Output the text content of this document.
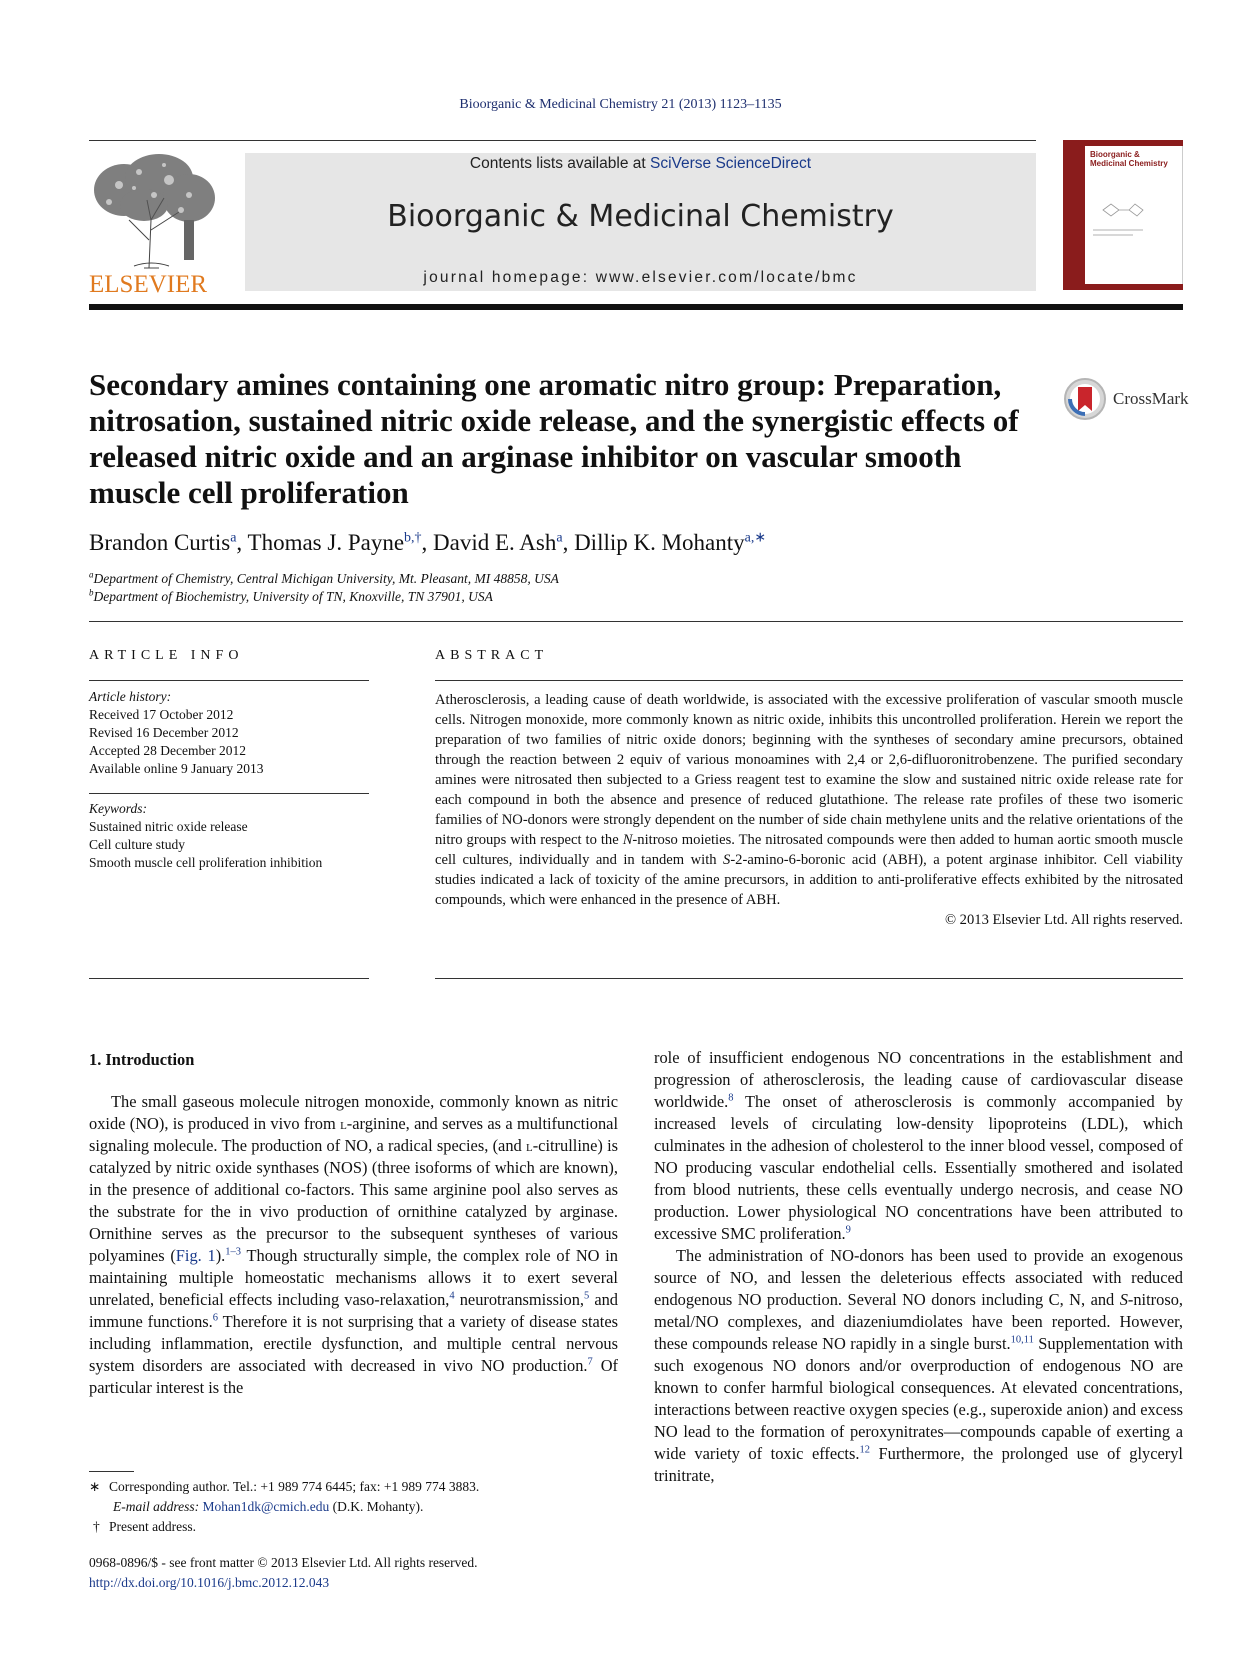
Bioorganic & Medicinal Chemistry 21 (2013) 1123–1135
ELSEVIER
Contents lists available at SciVerse ScienceDirect
Bioorganic & Medicinal Chemistry
journal homepage: www.elsevier.com/locate/bmc
Bioorganic & Medicinal Chemistry
Secondary amines containing one aromatic nitro group: Preparation, nitrosation, sustained nitric oxide release, and the synergistic effects of released nitric oxide and an arginase inhibitor on vascular smooth muscle cell proliferation
CrossMark
Brandon Curtis$^a$, Thomas J. Payne$^{b,\dagger}$, David E. Ash$^a$, Dillip K. Mohanty$^{a,∗}$
$^a$Department of Chemistry, Central Michigan University, Mt. Pleasant, MI 48858, USA
$^b$Department of Biochemistry, University of TN, Knoxville, TN 37901, USA
ARTICLE INFO
Article history:
Received 17 October 2012
Revised 16 December 2012
Accepted 28 December 2012
Available online 9 January 2013
Keywords:
Sustained nitric oxide release
Cell culture study
Smooth muscle cell proliferation inhibition
ABSTRACT
Atherosclerosis, a leading cause of death worldwide, is associated with the excessive proliferation of vascular smooth muscle cells. Nitrogen monoxide, more commonly known as nitric oxide, inhibits this uncontrolled proliferation. Herein we report the preparation of two families of nitric oxide donors; beginning with the syntheses of secondary amine precursors, obtained through the reaction between 2 equiv of various monoamines with 2,4 or 2,6-difluoronitrobenzene. The purified secondary amines were nitrosated then subjected to a Griess reagent test to examine the slow and sustained nitric oxide release rate for each compound in both the absence and presence of reduced glutathione. The release rate profiles of these two isomeric families of NO-donors were strongly dependent on the number of side chain methylene units and the relative orientations of the nitro groups with respect to the N-nitroso moieties. The nitrosated compounds were then added to human aortic smooth muscle cell cultures, individually and in tandem with S-2-amino-6-boronic acid (ABH), a potent arginase inhibitor. Cell viability studies indicated a lack of toxicity of the amine precursors, in addition to anti-proliferative effects exhibited by the nitrosated compounds, which were enhanced in the presence of ABH.
© 2013 Elsevier Ltd. All rights reserved.
1. Introduction

The small gaseous molecule nitrogen monoxide, commonly known as nitric oxide (NO), is produced in vivo from l-arginine, and serves as a multifunctional signaling molecule. The production of NO, a radical species, (and l-citrulline) is catalyzed by nitric oxide synthases (NOS) (three isoforms of which are known), in the presence of additional co-factors. This same arginine pool also serves as the substrate for the in vivo production of ornithine catalyzed by arginase. Ornithine serves as the precursor to the subsequent syntheses of various polyamines (Fig. 1).$^{1-3}$ Though structurally simple, the complex role of NO in maintaining multiple homeostatic mechanisms allows it to exert several unrelated, beneficial effects including vaso-relaxation,$^4$ neurotransmission,$^5$ and immune functions.$^6$ Therefore it is not surprising that a variety of disease states including inflammation, erectile dysfunction, and multiple central nervous system disorders are associated with decreased in vivo NO production.$^7$ Of particular interest is the

role of insufficient endogenous NO concentrations in the establishment and progression of atherosclerosis, the leading cause of cardiovascular disease worldwide.$^8$ The onset of atherosclerosis is commonly accompanied by increased levels of circulating low-density lipoproteins (LDL), which culminates in the adhesion of cholesterol to the inner blood vessel, composed of NO producing vascular endothelial cells. Essentially smothered and isolated from blood nutrients, these cells eventually undergo necrosis, and cease NO production. Lower physiological NO concentrations have been attributed to excessive SMC proliferation.$^9$

The administration of NO-donors has been used to provide an exogenous source of NO, and lessen the deleterious effects associated with reduced endogenous NO production. Several NO donors including C, N, and S-nitroso, metal/NO complexes, and diazeniumdiolates have been reported. However, these compounds release NO rapidly in a single burst.$^{10,11}$ Supplementation with such exogenous NO donors and/or overproduction of endogenous NO are known to confer harmful biological consequences. At elevated concentrations, interactions between reactive oxygen species (e.g., superoxide anion) and excess NO lead to the formation of peroxynitrates—compounds capable of exerting a wide variety of toxic effects.$^{12}$ Furthermore, the prolonged use of glyceryl trinitrate,

∗ Corresponding author. Tel.: +1 989 774 6445; fax: +1 989 774 3883.
E-mail address: Mohan1dk@cmich.edu (D.K. Mohanty).
† Present address.
0968-0896/$ - see front matter © 2013 Elsevier Ltd. All rights reserved.
http://dx.doi.org/10.1016/j.bmc.2012.12.043
